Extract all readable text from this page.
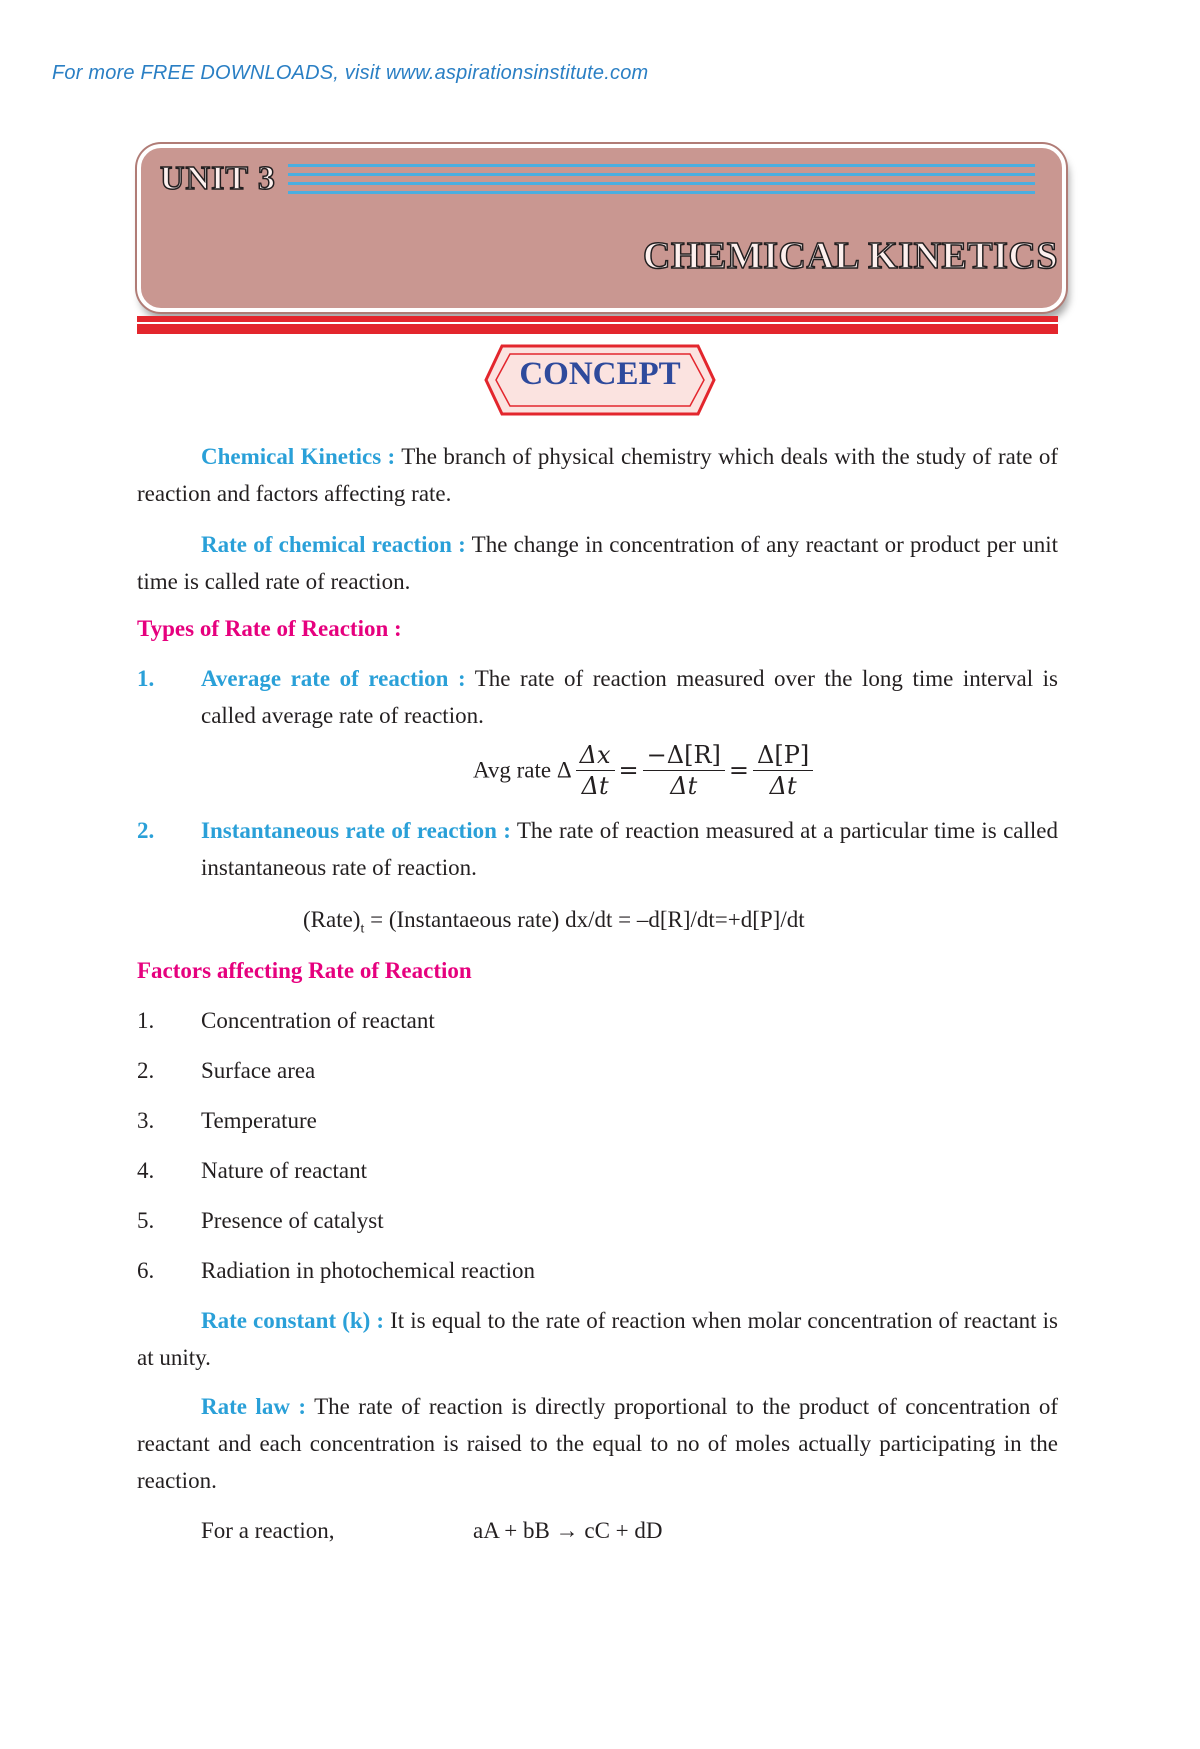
For more FREE DOWNLOADS, visit www.aspirationsinstitute.com
UNIT 3
CHEMICAL KINETICS
CONCEPT

Chemical Kinetics : The branch of physical chemistry which deals with the study of rate of reaction and factors affecting rate.

Rate of chemical reaction : The change in concentration of any reactant or product per unit time is called rate of reaction.

Types of Rate of Reaction :
1. Average rate of reaction : The rate of reaction measured over the long time interval is called average rate of reaction.

Avg rate Δ $\frac{\Delta x}{\Delta t} = \frac{-\Delta[R]}{\Delta t} = \frac{\Delta[P]}{\Delta t}$
2. Instantaneous rate of reaction : The rate of reaction measured at a particular time is called instantaneous rate of reaction.

$(Rate)_t$ = (Instantaeous rate) dx/dt = –d[R]/dt=+d[P]/dt
Factors affecting Rate of Reaction
1. Concentration of reactant
2. Surface area
3. Temperature
4. Nature of reactant
5. Presence of catalyst
6. Radiation in photochemical reaction

Rate constant (k) : It is equal to the rate of reaction when molar concentration of reactant is at unity.

Rate law : The rate of reaction is directly proportional to the product of concentration of reactant and each concentration is raised to the equal to no of moles actually participating in the reaction.

For a reaction,	aA + bB → cC + dD
